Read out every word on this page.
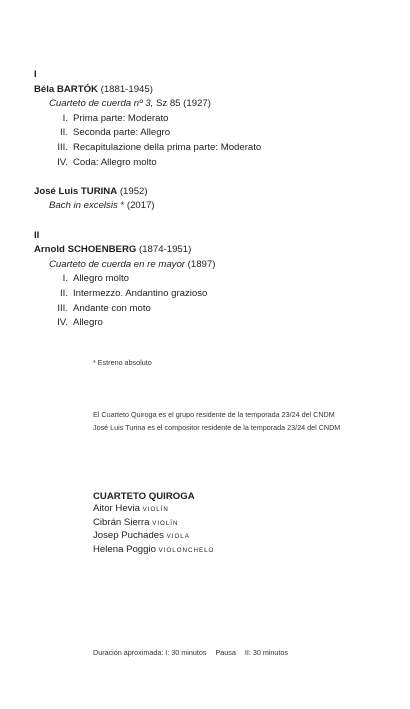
I
Béla BARTÓK (1881-1945)
Cuarteto de cuerda nº 3, Sz 85 (1927)
I. Prima parte: Moderato
II. Seconda parte: Allegro
III. Recapitulazione della prima parte: Moderato
IV. Coda: Allegro molto
José Luis TURINA (1952)
Bach in excelsis * (2017)
II
Arnold SCHOENBERG (1874-1951)
Cuarteto de cuerda en re mayor (1897)
I. Allegro molto
II. Intermezzo. Andantino grazioso
III. Andante con moto
IV. Allegro
* Estreno absoluto
El Cuarteto Quiroga es el grupo residente de la temporada 23/24 del CNDM
José Luis Turina es el compositor residente de la temporada 23/24 del CNDM
CUARTETO QUIROGA
Aitor Hevia VIOLÍN
Cibrán Sierra VIOLÍN
Josep Puchades VIOLA
Helena Poggio VIOLONCHELO
Duración aproximada: I: 30 minutos Pausa II: 30 minutos
